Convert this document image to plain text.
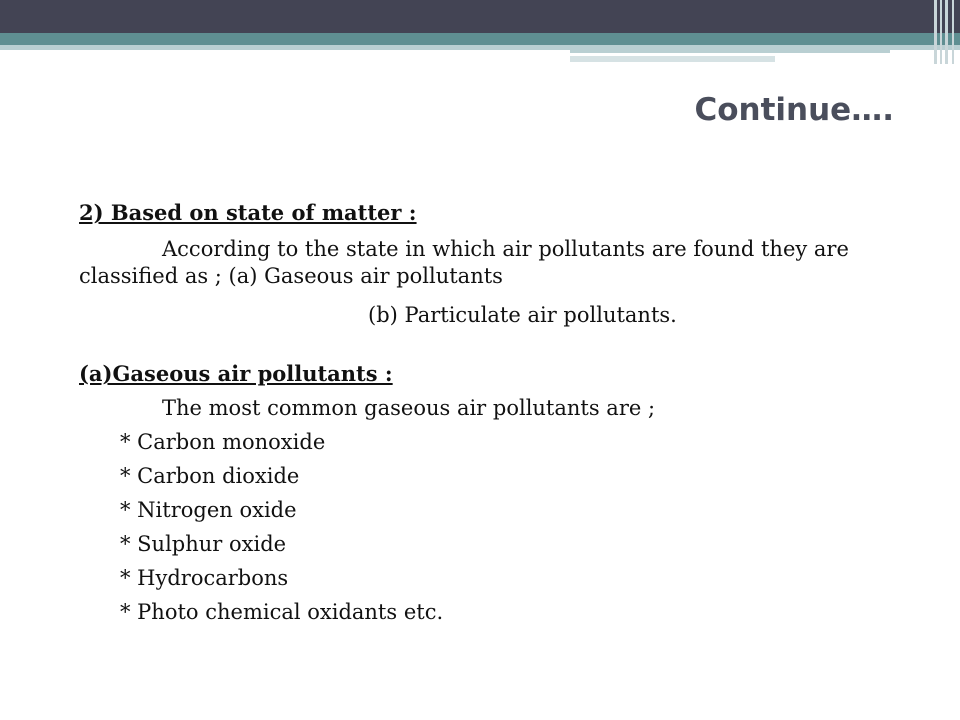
Continue….
2) Based on state of matter :
According to the state in which air pollutants are found they are classified as ; (a) Gaseous air pollutants
(b) Particulate air pollutants.
(a)Gaseous air pollutants :
The most common gaseous air pollutants are ;
* Carbon monoxide
* Carbon dioxide
* Nitrogen oxide
* Sulphur oxide
* Hydrocarbons
* Photo chemical oxidants etc.
